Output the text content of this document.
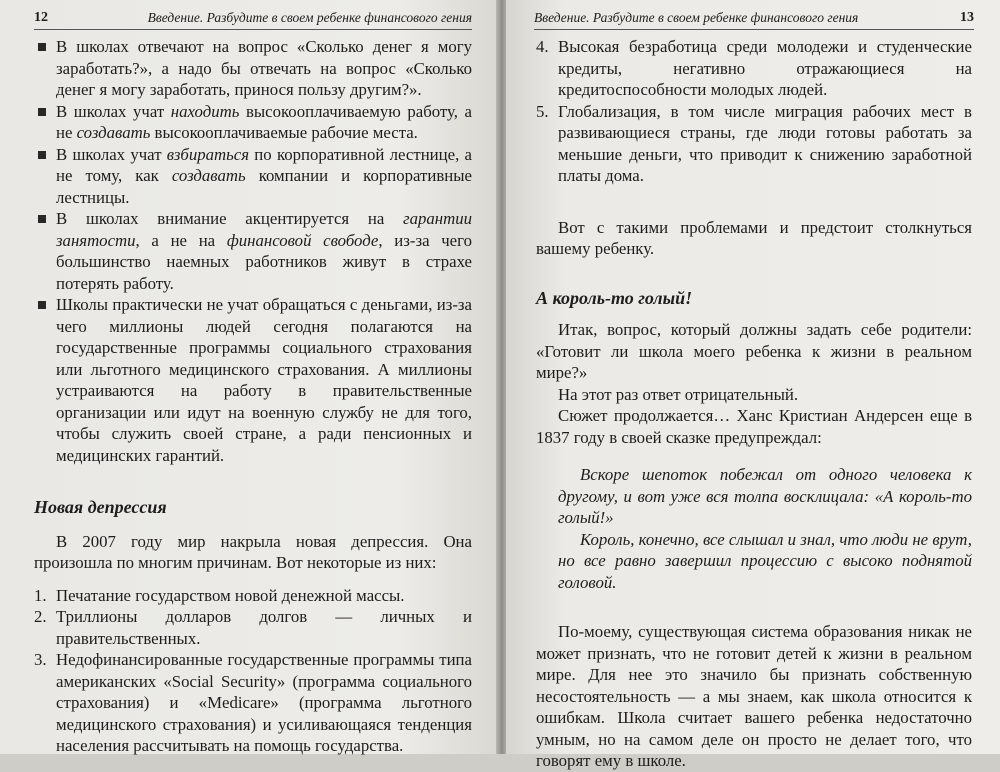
12	Введение. Разбудите в своем ребенке финансового гения
В школах отвечают на вопрос «Сколько денег я могу заработать?», а надо бы отвечать на вопрос «Сколько денег я могу заработать, принося пользу другим?».
В школах учат находить высокооплачиваемую работу, а не создавать высокооплачиваемые рабочие места.
В школах учат взбираться по корпоративной лестнице, а не тому, как создавать компании и корпоративные лестницы.
В школах внимание акцентируется на гарантии занятости, а не на финансовой свободе, из-за чего большинство наемных работников живут в страхе потерять работу.
Школы практически не учат обращаться с деньгами, из-за чего миллионы людей сегодня полагаются на государственные программы социального страхования или льготного медицинского страхования. А миллионы устраиваются на работу в правительственные организации или идут на военную службу не для того, чтобы служить своей стране, а ради пенсионных и медицинских гарантий.
Новая депрессия

В 2007 году мир накрыла новая депрессия. Она произошла по многим причинам. Вот некоторые из них:

1. Печатание государством новой денежной массы.
2. Триллионы долларов долгов — личных и правительственных.
3. Недофинансированные государственные программы типа американских «Social Security» (программа социального страхования) и «Medicare» (программа льготного медицинского страхования) и усиливающаяся тенденция населения рассчитывать на помощь государства.
Введение. Разбудите в своем ребенке финансового гения	13
4. Высокая безработица среди молодежи и студенческие кредиты, негативно отражающиеся на кредитоспособности молодых людей.
5. Глобализация, в том числе миграция рабочих мест в развивающиеся страны, где люди готовы работать за меньшие деньги, что приводит к снижению заработной платы дома.

Вот с такими проблемами и предстоит столкнуться вашему ребенку.

А король-то голый!

Итак, вопрос, который должны задать себе родители: «Готовит ли школа моего ребенка к жизни в реальном мире?»

На этот раз ответ отрицательный.

Сюжет продолжается… Ханс Кристиан Андерсен еще в 1837 году в своей сказке предупреждал:

Вскоре шепоток побежал от одного человека к другому, и вот уже вся толпа восклицала: «А король-то голый!»

Король, конечно, все слышал и знал, что люди не врут, но все равно завершил процессию с высоко поднятой головой.

По-моему, существующая система образования никак не может признать, что не готовит детей к жизни в реальном мире. Для нее это значило бы признать собственную несостоятельность — а мы знаем, как школа относится к ошибкам. Школа считает вашего ребенка недостаточно умным, но на самом деле он просто не делает того, что говорят ему в школе.
